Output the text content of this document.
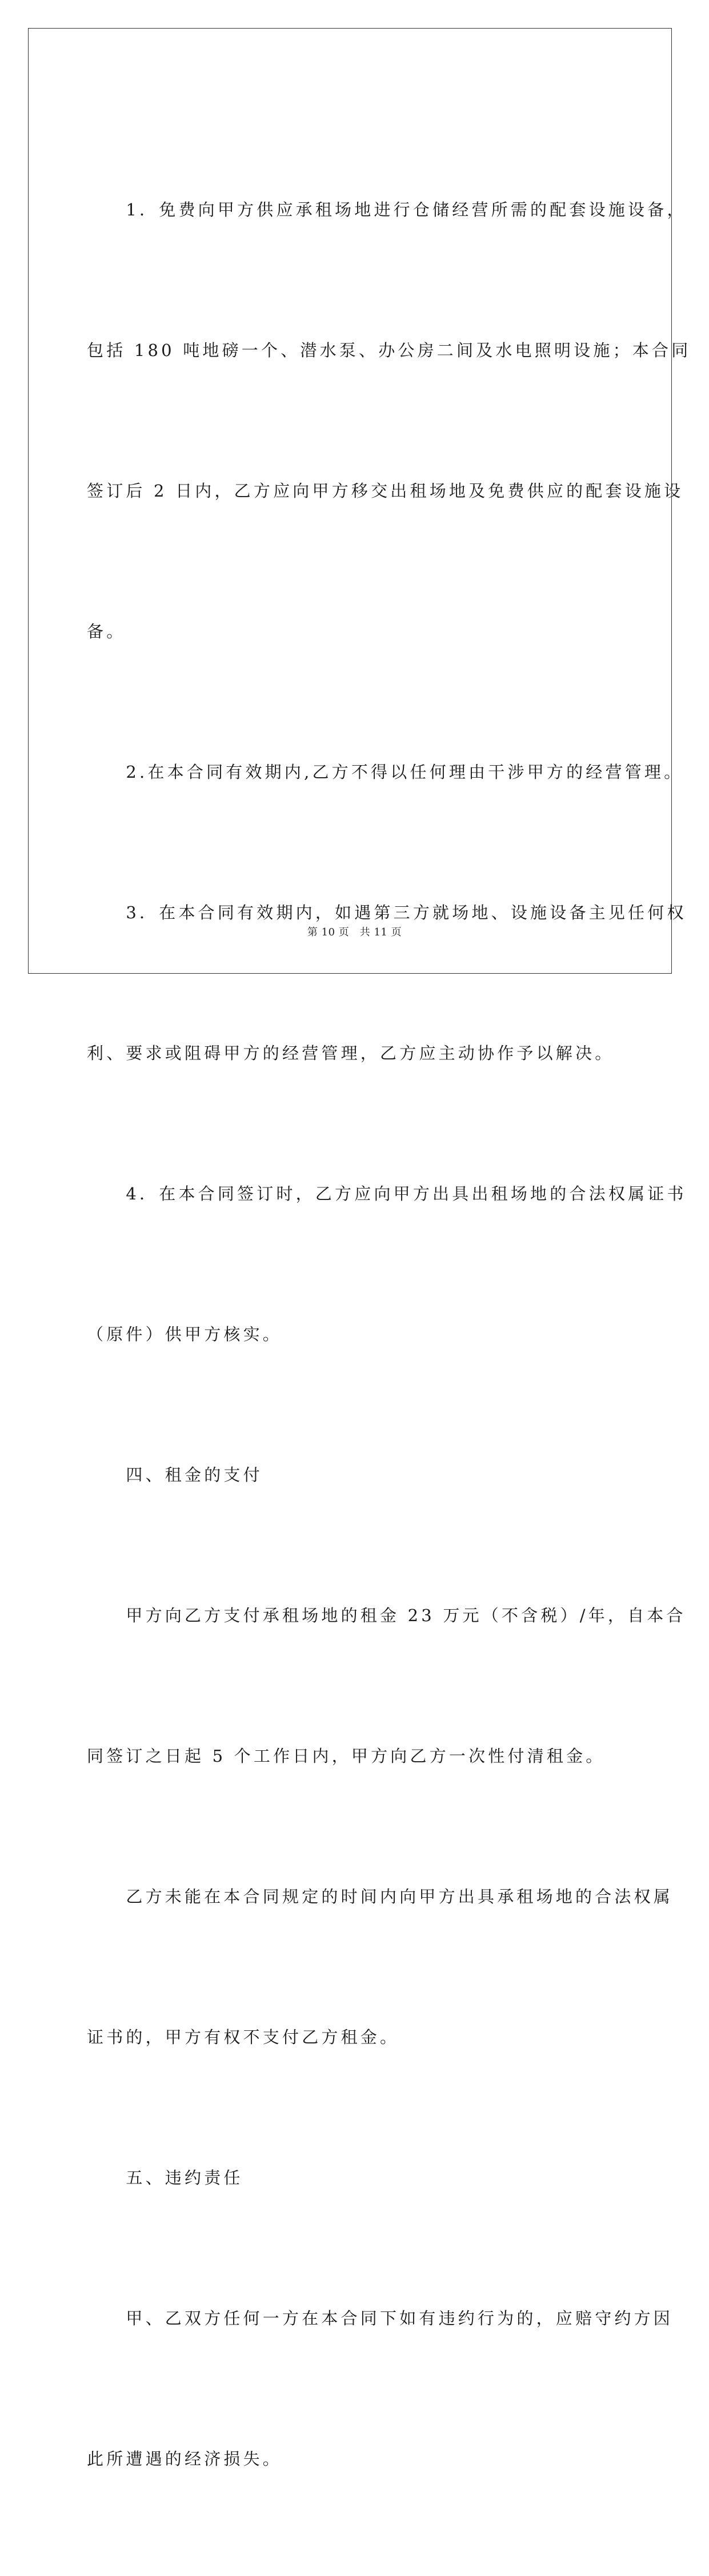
　　1．免费向甲方供应承租场地进行仓储经营所需的配套设施设备，

包括 180 吨地磅一个、潜水泵、办公房二间及水电照明设施；本合同

签订后 2 日内，乙方应向甲方移交出租场地及免费供应的配套设施设

备。

　　2.在本合同有效期内,乙方不得以任何理由干涉甲方的经营管理。

　　3．在本合同有效期内，如遇第三方就场地、设施设备主见任何权

利、要求或阻碍甲方的经营管理，乙方应主动协作予以解决。

　　4．在本合同签订时，乙方应向甲方出具出租场地的合法权属证书

（原件）供甲方核实。

　　四、租金的支付

　　甲方向乙方支付承租场地的租金 23 万元（不含税）/年，自本合

同签订之日起 5 个工作日内，甲方向乙方一次性付清租金。

　　乙方未能在本合同规定的时间内向甲方出具承租场地的合法权属

证书的，甲方有权不支付乙方租金。

　　五、违约责任

　　甲、乙双方任何一方在本合同下如有违约行为的，应赔守约方因

此所遭遇的经济损失。

第 10 页　共 11 页
